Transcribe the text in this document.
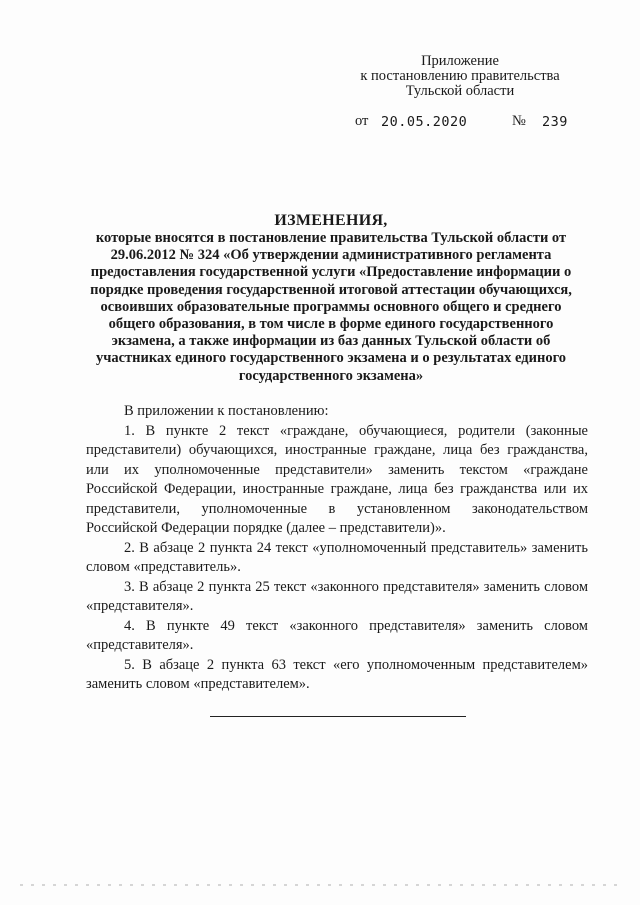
Приложение
к постановлению правительства
Тульской области
от 20.05.2020	№ 239
ИЗМЕНЕНИЯ,
которые вносятся в постановление правительства Тульской области от 29.06.2012 № 324 «Об утверждении административного регламента предоставления государственной услуги «Предоставление информации о порядке проведения государственной итоговой аттестации обучающихся, освоивших образовательные программы основного общего и среднего общего образования, в том числе в форме единого государственного экзамена, а также информации из баз данных Тульской области об участниках единого государственного экзамена и о результатах единого государственного экзамена»

В приложении к постановлению:

1. В пункте 2 текст «граждане, обучающиеся, родители (законные представители) обучающихся, иностранные граждане, лица без гражданства, или их уполномоченные представители» заменить текстом «граждане Российской Федерации, иностранные граждане, лица без гражданства или их представители, уполномоченные в установленном законодательством Российской Федерации порядке (далее – представители)».

2. В абзаце 2 пункта 24 текст «уполномоченный представитель» заменить словом «представитель».

3. В абзаце 2 пункта 25 текст «законного представителя» заменить словом «представителя».

4. В пункте 49 текст «законного представителя» заменить словом «представителя».

5. В абзаце 2 пункта 63 текст «его уполномоченным представителем» заменить словом «представителем».
